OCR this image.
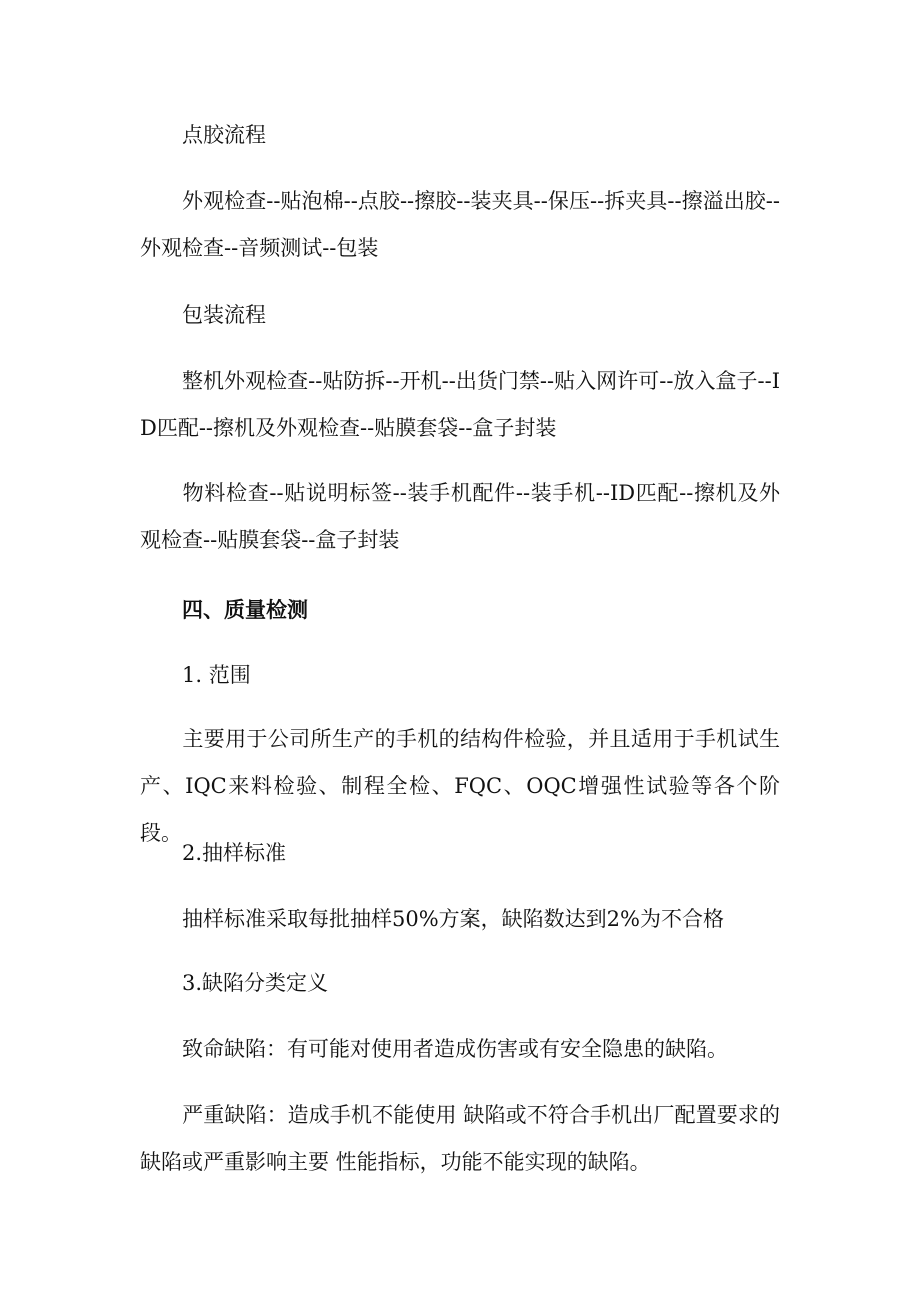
点胶流程

外观检查--贴泡棉--点胶--擦胶--装夹具--保压--拆夹具--擦溢出胶--外观检查--音频测试--包装

包装流程

整机外观检查--贴防拆--开机--出货门禁--贴入网许可--放入盒子--ID匹配--擦机及外观检查--贴膜套袋--盒子封装

物料检查--贴说明标签--装手机配件--装手机--ID匹配--擦机及外观检查--贴膜套袋--盒子封装

四、质量检测

1. 范围

主要用于公司所生产的手机的结构件检验，并且适用于手机试生产、IQC来料检验、制程全检、FQC、OQC增强性试验等各个阶段。

2.抽样标准

抽样标准采取每批抽样50%方案，缺陷数达到2%为不合格

3.缺陷分类定义

致命缺陷：有可能对使用者造成伤害或有安全隐患的缺陷。

严重缺陷：造成手机不能使用 缺陷或不符合手机出厂配置要求的缺陷或严重影响主要 性能指标，功能不能实现的缺陷。
